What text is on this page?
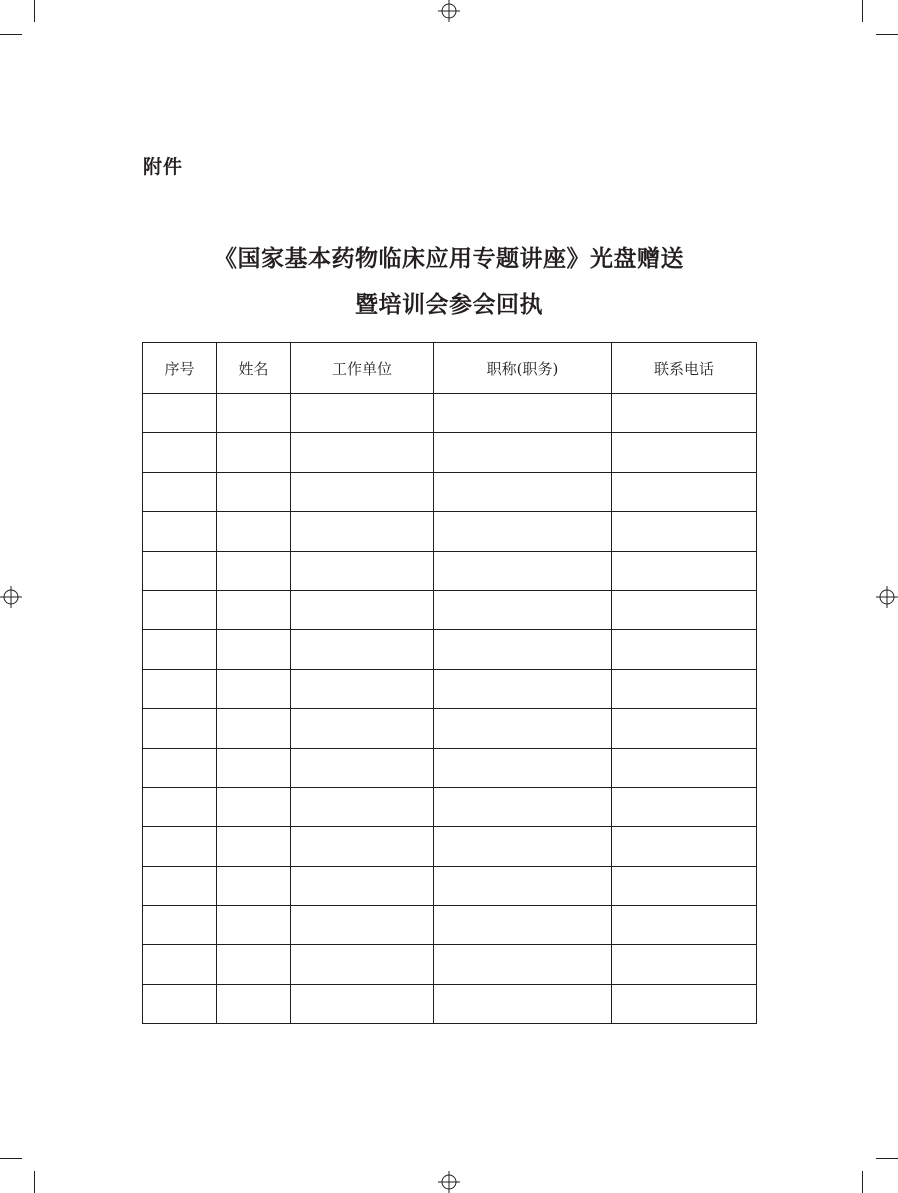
附件
《国家基本药物临床应用专题讲座》光盘赠送
暨培训会参会回执
序号	姓名	工作单位	职称(职务)	联系电话
